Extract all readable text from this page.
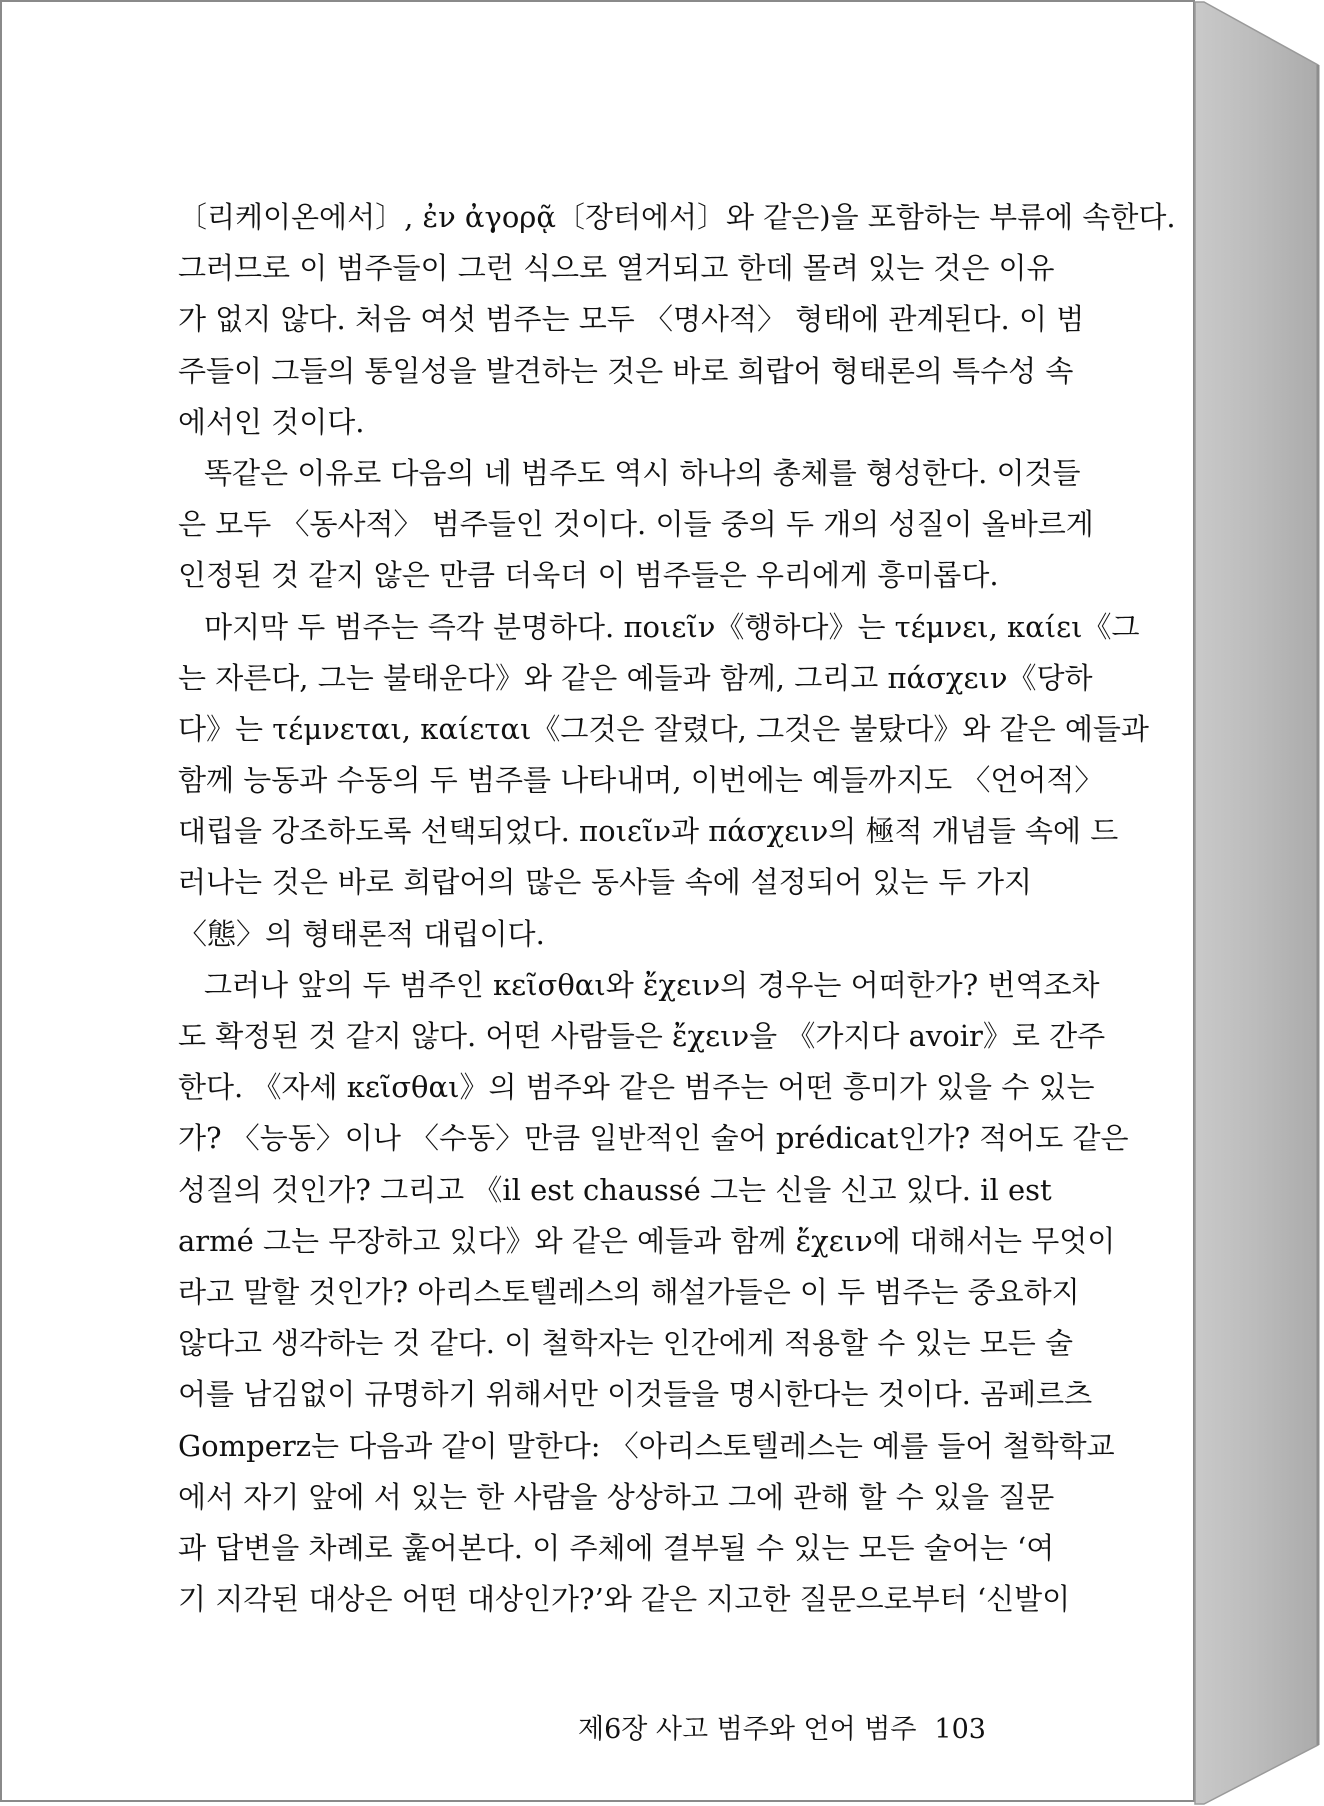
〔리케이온에서〕, ἐν ἀγορᾷ〔장터에서〕와 같은)을 포함하는 부류에 속한다.
그러므로 이 범주들이 그런 식으로 열거되고 한데 몰려 있는 것은 이유
가 없지 않다. 처음 여섯 범주는 모두 〈명사적〉 형태에 관계된다. 이 범
주들이 그들의 통일성을 발견하는 것은 바로 희랍어 형태론의 특수성 속
에서인 것이다.
똑같은 이유로 다음의 네 범주도 역시 하나의 총체를 형성한다. 이것들
은 모두 〈동사적〉 범주들인 것이다. 이들 중의 두 개의 성질이 올바르게
인정된 것 같지 않은 만큼 더욱더 이 범주들은 우리에게 흥미롭다.
마지막 두 범주는 즉각 분명하다. ποιεῖν《행하다》는 τέμνει, καίει《그
는 자른다, 그는 불태운다》와 같은 예들과 함께, 그리고 πάσχειν《당하
다》는 τέμνεται, καίεται《그것은 잘렸다, 그것은 불탔다》와 같은 예들과
함께 능동과 수동의 두 범주를 나타내며, 이번에는 예들까지도 〈언어적〉
대립을 강조하도록 선택되었다. ποιεῖν과 πάσχειν의 極적 개념들 속에 드
러나는 것은 바로 희랍어의 많은 동사들 속에 설정되어 있는 두 가지
〈態〉의 형태론적 대립이다.
그러나 앞의 두 범주인 κεῖσθαι와 ἔχειν의 경우는 어떠한가? 번역조차
도 확정된 것 같지 않다. 어떤 사람들은 ἔχειν을 《가지다 avoir》로 간주
한다. 《자세 κεῖσθαι》의 범주와 같은 범주는 어떤 흥미가 있을 수 있는
가? 〈능동〉이나 〈수동〉만큼 일반적인 술어 prédicat인가? 적어도 같은
성질의 것인가? 그리고 《il est chaussé 그는 신을 신고 있다. il est
armé 그는 무장하고 있다》와 같은 예들과 함께 ἔχειν에 대해서는 무엇이
라고 말할 것인가? 아리스토텔레스의 해설가들은 이 두 범주는 중요하지
않다고 생각하는 것 같다. 이 철학자는 인간에게 적용할 수 있는 모든 술
어를 남김없이 규명하기 위해서만 이것들을 명시한다는 것이다. 곰페르츠
Gomperz는 다음과 같이 말한다: 〈아리스토텔레스는 예를 들어 철학학교
에서 자기 앞에 서 있는 한 사람을 상상하고 그에 관해 할 수 있을 질문
과 답변을 차례로 훑어본다. 이 주체에 결부될 수 있는 모든 술어는 ‘여
기 지각된 대상은 어떤 대상인가?’와 같은 지고한 질문으로부터 ‘신발이
제6장 사고 범주와 언어 범주 103
